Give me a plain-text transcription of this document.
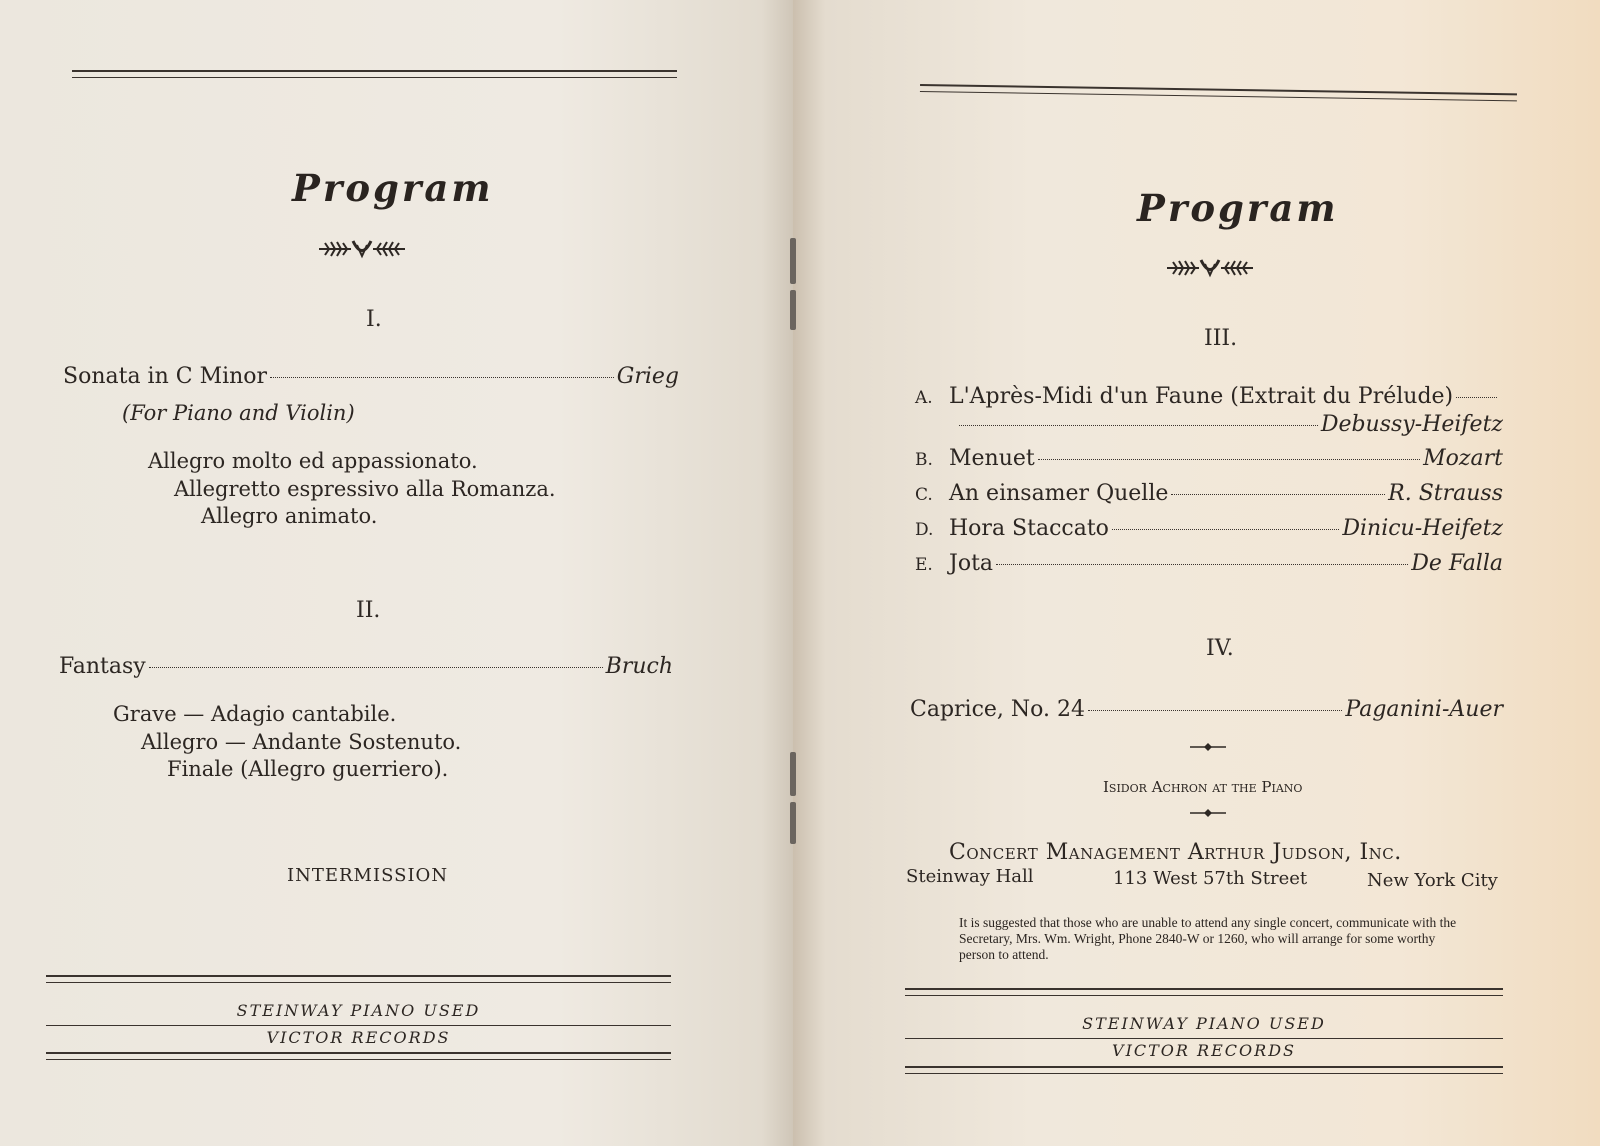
Program
I.
Sonata in C Minor	Grieg
(For Piano and Violin)
Allegro molto ed appassionato.
Allegretto espressivo alla Romanza.
Allegro animato.
II.
Fantasy	Bruch
Grave — Adagio cantabile.
Allegro — Andante Sostenuto.
Finale (Allegro guerriero).
INTERMISSION
STEINWAY PIANO USED
VICTOR RECORDS
Program
III.
A. L'Après-Midi d'un Faune (Extrait du Prélude)
Debussy-Heifetz
B. Menuet	Mozart
C. An einsamer Quelle	R. Strauss
D. Hora Staccato	Dinicu-Heifetz
E. Jota	De Falla
IV.
Caprice, No. 24	Paganini-Auer
Isidor Achron at the Piano
Concert Management Arthur Judson, Inc.
Steinway Hall	113 West 57th Street	New York City
It is suggested that those who are unable to attend any single concert, communicate with the Secretary, Mrs. Wm. Wright, Phone 2840-W or 1260, who will arrange for some worthy person to attend.
STEINWAY PIANO USED
VICTOR RECORDS
